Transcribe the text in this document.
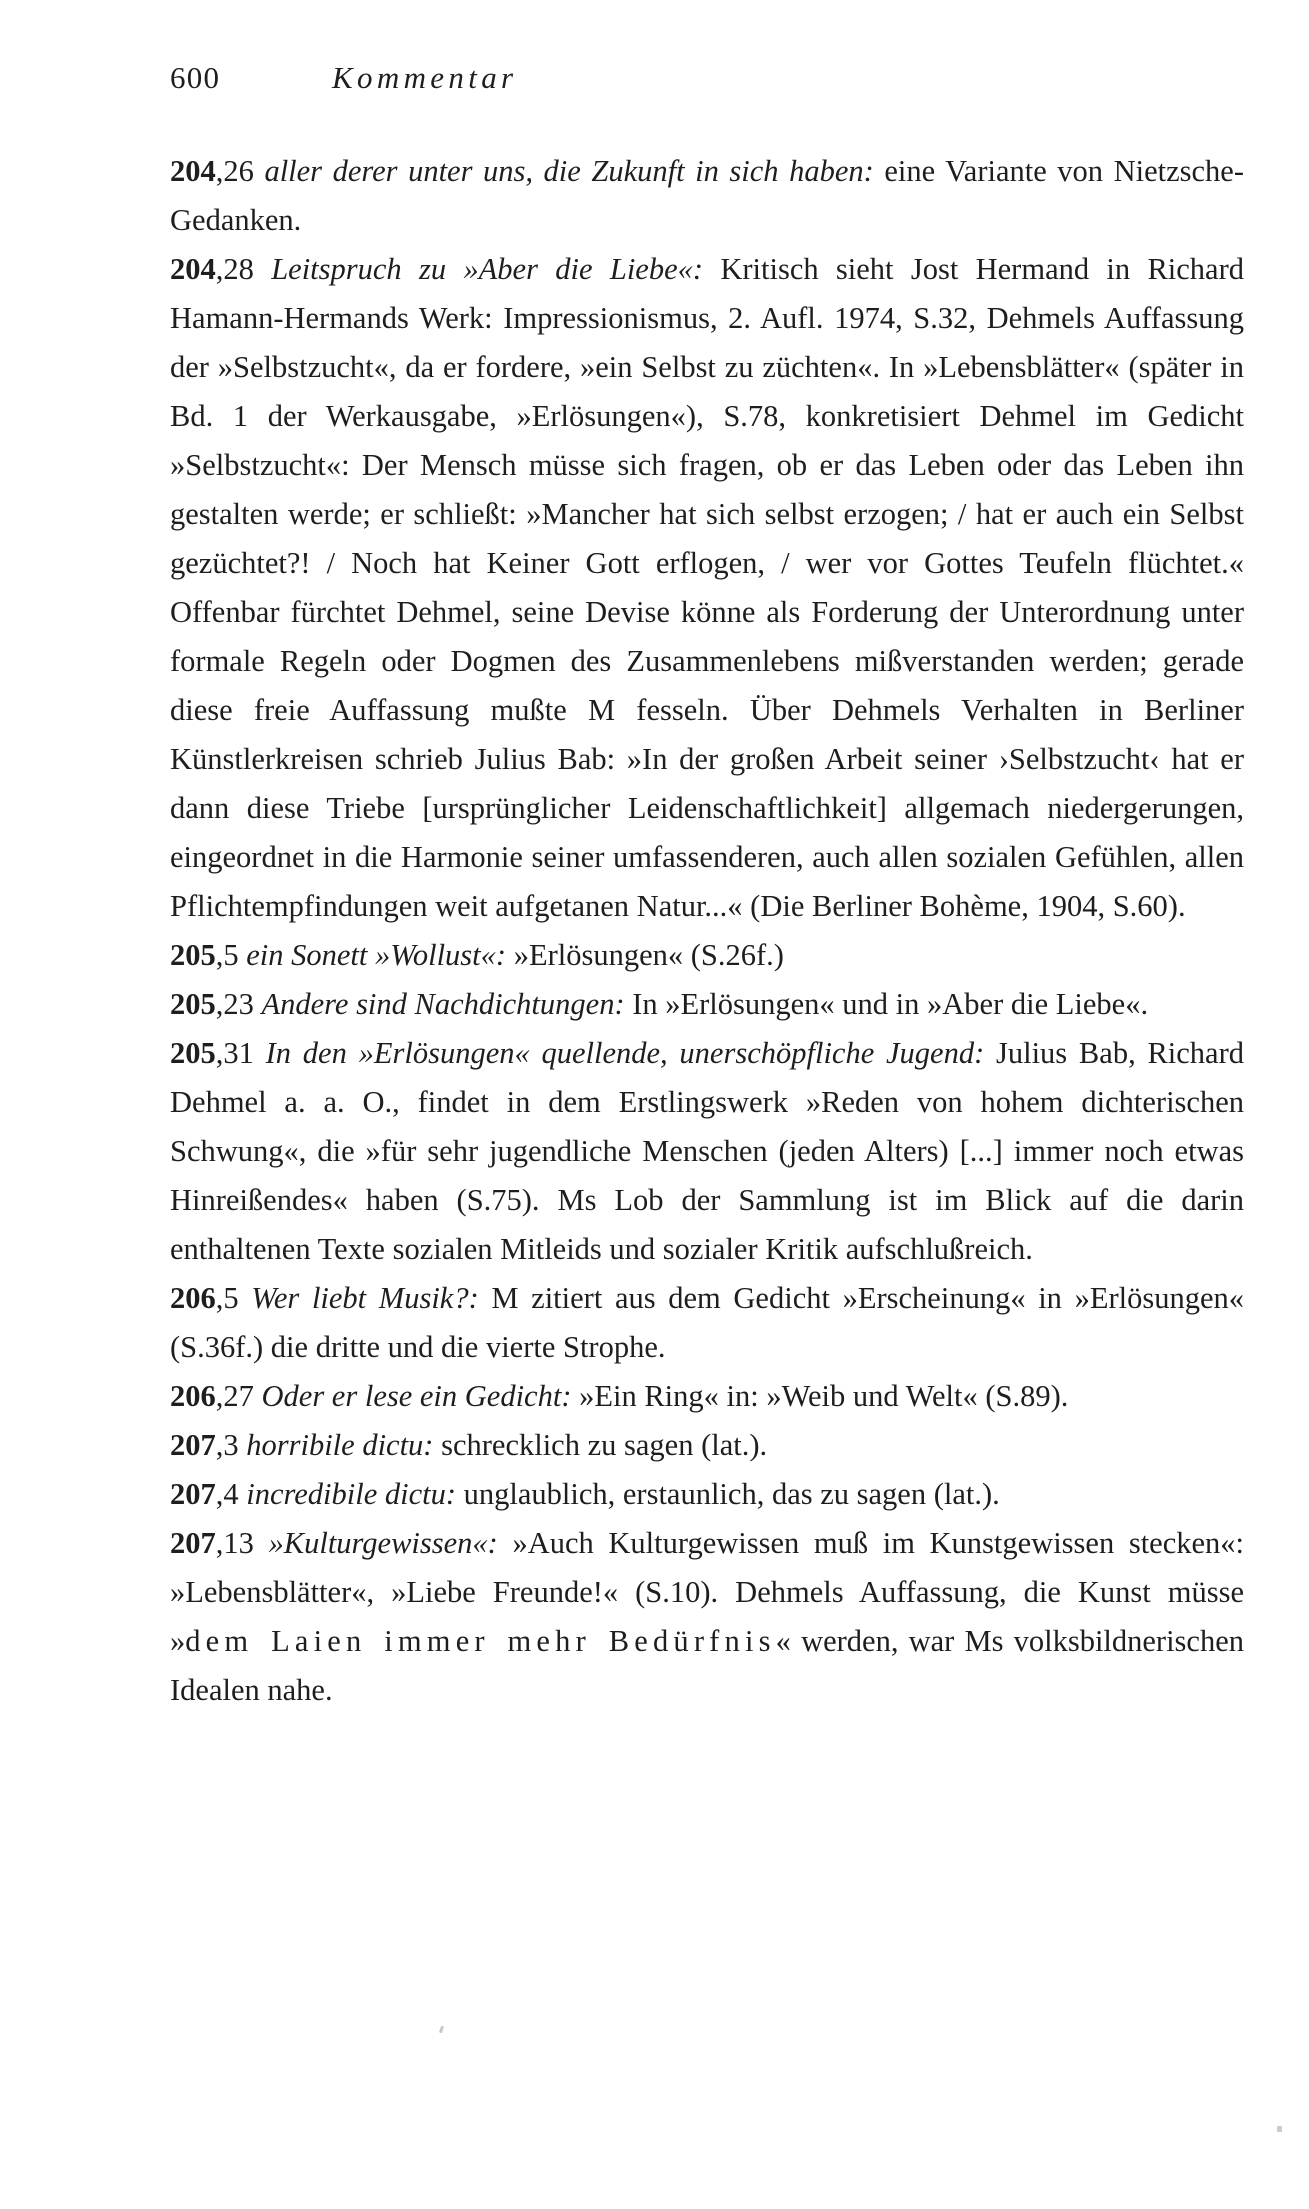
600	Kommentar

204,26 aller derer unter uns, die Zukunft in sich haben: eine Variante von Nietzsche-Gedanken.

204,28 Leitspruch zu »Aber die Liebe«: Kritisch sieht Jost Hermand in Richard Hamann-Hermands Werk: Impressionismus, 2. Aufl. 1974, S.32, Dehmels Auffassung der »Selbstzucht«, da er fordere, »ein Selbst zu züchten«. In »Lebensblätter« (später in Bd. 1 der Werkausgabe, »Erlösungen«), S.78, konkretisiert Dehmel im Gedicht »Selbstzucht«: Der Mensch müsse sich fragen, ob er das Leben oder das Leben ihn gestalten werde; er schließt: »Mancher hat sich selbst erzogen; / hat er auch ein Selbst gezüchtet?! / Noch hat Keiner Gott erflogen, / wer vor Gottes Teufeln flüchtet.« Offenbar fürchtet Dehmel, seine Devise könne als Forderung der Unterordnung unter formale Regeln oder Dogmen des Zusammenlebens mißverstanden werden; gerade diese freie Auffassung mußte M fesseln. Über Dehmels Verhalten in Berliner Künstlerkreisen schrieb Julius Bab: »In der großen Arbeit seiner ›Selbstzucht‹ hat er dann diese Triebe [ursprünglicher Leidenschaftlichkeit] allgemach niedergerungen, eingeordnet in die Harmonie seiner umfassenderen, auch allen sozialen Gefühlen, allen Pflichtempfindungen weit aufgetanen Natur...« (Die Berliner Bohème, 1904, S.60).

205,5 ein Sonett »Wollust«: »Erlösungen« (S.26f.)

205,23 Andere sind Nachdichtungen: In »Erlösungen« und in »Aber die Liebe«.

205,31 In den »Erlösungen« quellende, unerschöpfliche Jugend: Julius Bab, Richard Dehmel a. a. O., findet in dem Erstlingswerk »Reden von hohem dichterischen Schwung«, die »für sehr jugendliche Menschen (jeden Alters) [...] immer noch etwas Hinreißendes« haben (S.75). Ms Lob der Sammlung ist im Blick auf die darin enthaltenen Texte sozialen Mitleids und sozialer Kritik aufschlußreich.

206,5 Wer liebt Musik?: M zitiert aus dem Gedicht »Erscheinung« in »Erlösungen« (S.36f.) die dritte und die vierte Strophe.

206,27 Oder er lese ein Gedicht: »Ein Ring« in: »Weib und Welt« (S.89).

207,3 horribile dictu: schrecklich zu sagen (lat.).

207,4 incredibile dictu: unglaublich, erstaunlich, das zu sagen (lat.).

207,13 »Kulturgewissen«: »Auch Kulturgewissen muß im Kunstgewissen stecken«: »Lebensblätter«, »Liebe Freunde!« (S.10). Dehmels Auffassung, die Kunst müsse »dem Laien immer mehr Bedürfnis« werden, war Ms volksbildnerischen Idealen nahe.
